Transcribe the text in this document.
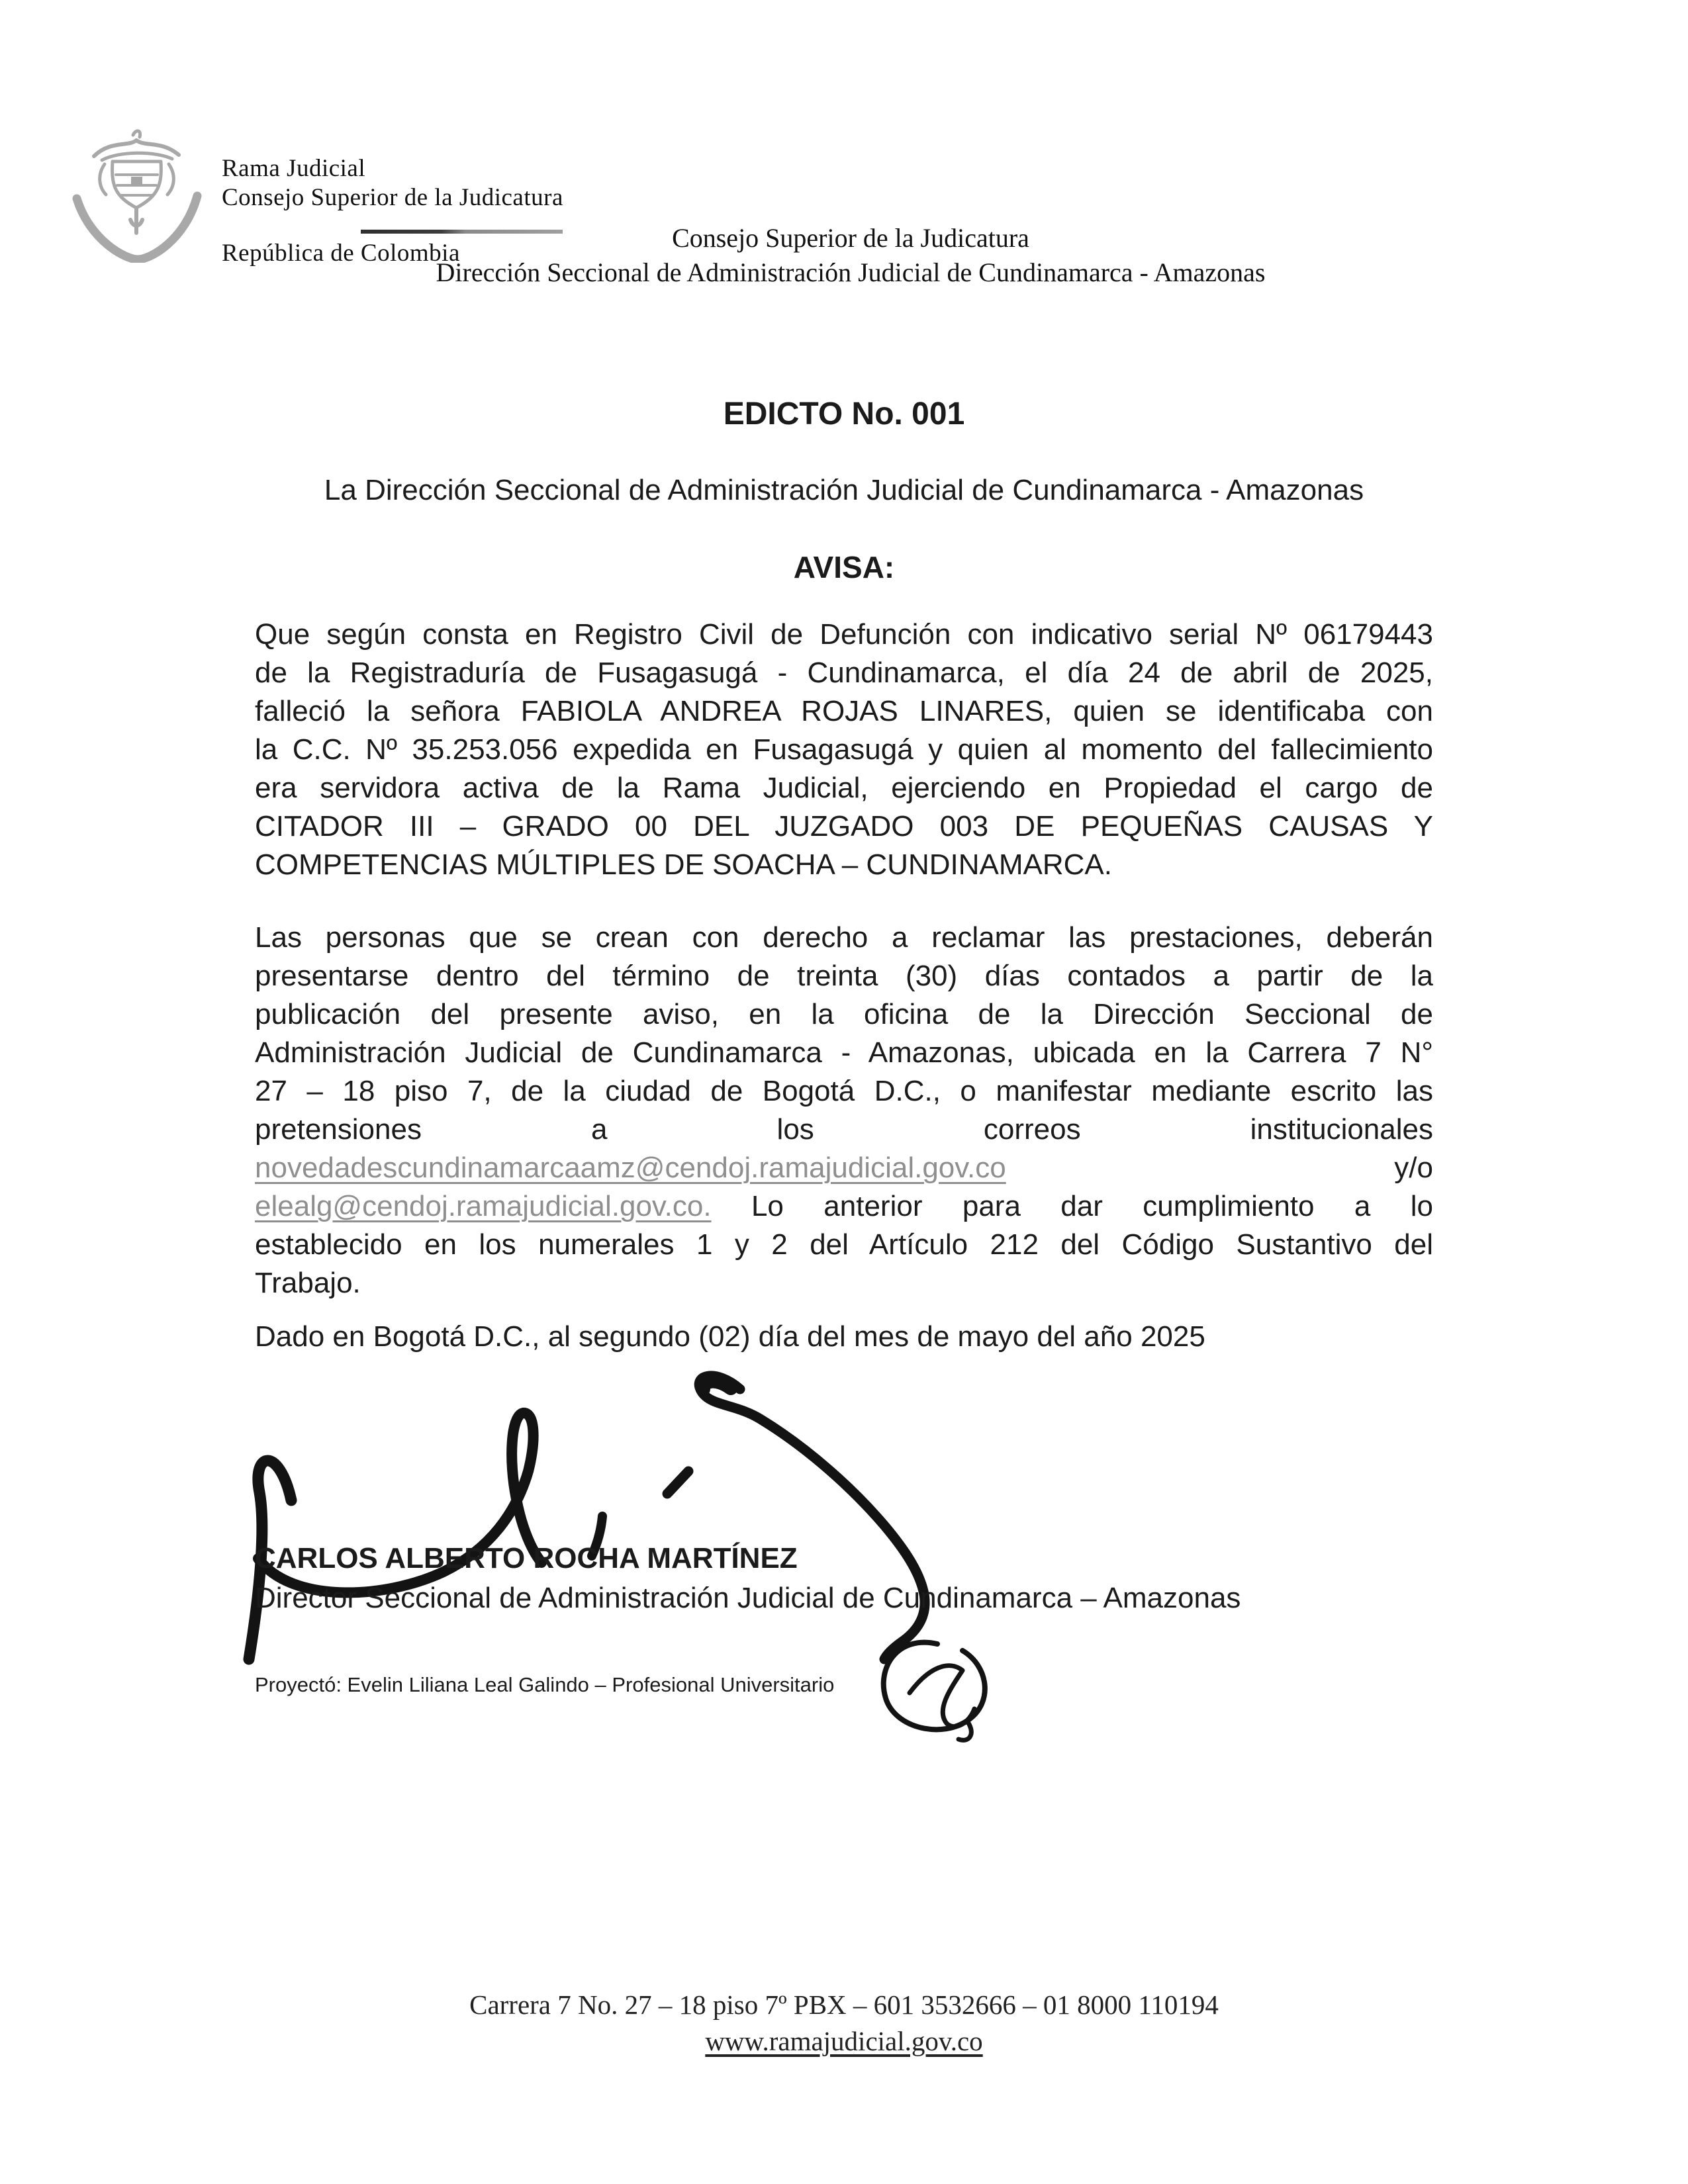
Rama Judicial
Consejo Superior de la Judicatura
República de Colombia
Consejo Superior de la Judicatura
Dirección Seccional de Administración Judicial de Cundinamarca - Amazonas
EDICTO No. 001
La Dirección Seccional de Administración Judicial de Cundinamarca - Amazonas
AVISA:
Que según consta en Registro Civil de Defunción con indicativo serial Nº 06179443
de la Registraduría de Fusagasugá - Cundinamarca, el día 24 de abril de 2025,
falleció la señora FABIOLA ANDREA ROJAS LINARES, quien se identificaba con
la C.C. Nº 35.253.056 expedida en Fusagasugá y quien al momento del fallecimiento
era servidora activa de la Rama Judicial, ejerciendo en Propiedad el cargo de
CITADOR III – GRADO 00 DEL JUZGADO 003 DE PEQUEÑAS CAUSAS Y
COMPETENCIAS MÚLTIPLES DE SOACHA – CUNDINAMARCA.
Las personas que se crean con derecho a reclamar las prestaciones, deberán
presentarse dentro del término de treinta (30) días contados a partir de la
publicación del presente aviso, en la oficina de la Dirección Seccional de
Administración Judicial de Cundinamarca - Amazonas, ubicada en la Carrera 7 N°
27 – 18 piso 7, de la ciudad de Bogotá D.C., o manifestar mediante escrito las
pretensiones a los correos institucionales
novedadescundinamarcaamz@cendoj.ramajudicial.gov.co	y/o
elealg@cendoj.ramajudicial.gov.co. Lo anterior para dar cumplimiento a lo
establecido en los numerales 1 y 2 del Artículo 212 del Código Sustantivo del
Trabajo.
Dado en Bogotá D.C., al segundo (02) día del mes de mayo del año 2025
CARLOS ALBERTO ROCHA MARTÍNEZ
Director Seccional de Administración Judicial de Cundinamarca – Amazonas
Proyectó: Evelin Liliana Leal Galindo – Profesional Universitario
Carrera 7 No. 27 – 18 piso 7º PBX – 601 3532666 – 01 8000 110194
www.ramajudicial.gov.co
